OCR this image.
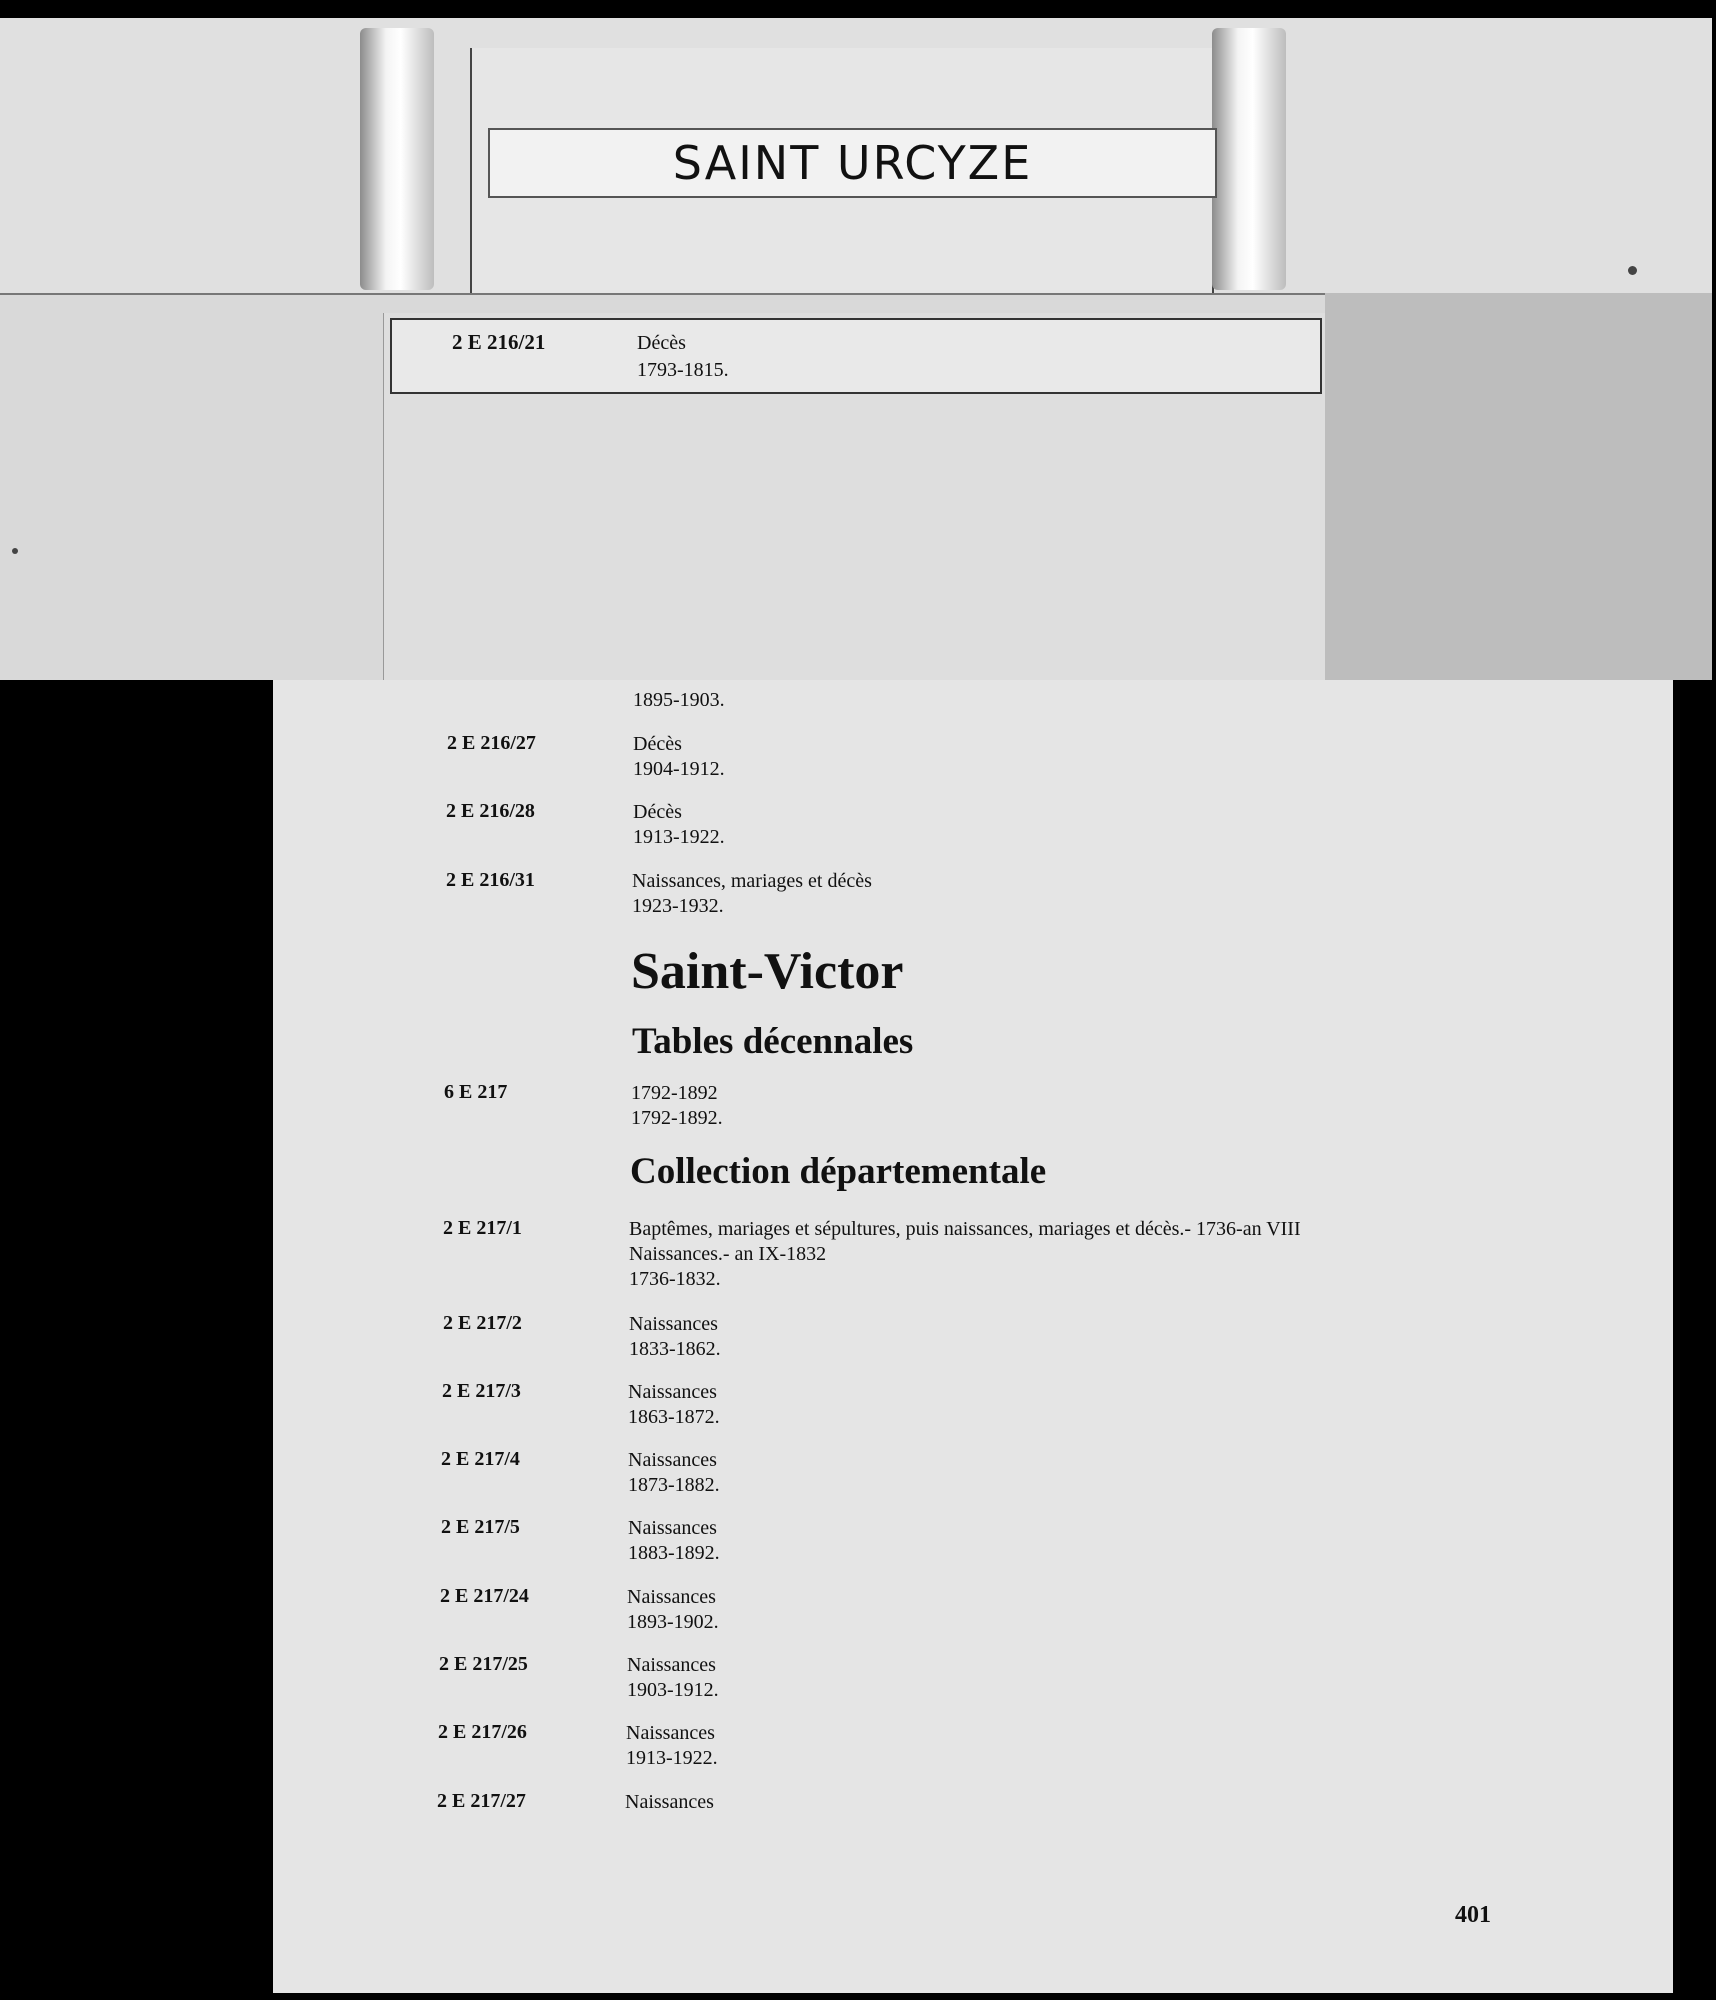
SAINT URCYZE
2 E 216/21	Décès
1793-1815.
1895-1903.
2 E 216/27	Décès
1904-1912.
2 E 216/28	Décès
1913-1922.
2 E 216/31	Naissances, mariages et décès
1923-1932.
Saint-Victor
Tables décennales
6 E 217	1792-1892
1792-1892.
Collection départementale
2 E 217/1	Baptêmes, mariages et sépultures, puis naissances, mariages et décès.- 1736-an VIII
Naissances.- an IX-1832
1736-1832.
2 E 217/2	Naissances
1833-1862.
2 E 217/3	Naissances
1863-1872.
2 E 217/4	Naissances
1873-1882.
2 E 217/5	Naissances
1883-1892.
2 E 217/24	Naissances
1893-1902.
2 E 217/25	Naissances
1903-1912.
2 E 217/26	Naissances
1913-1922.
2 E 217/27	Naissances
401
